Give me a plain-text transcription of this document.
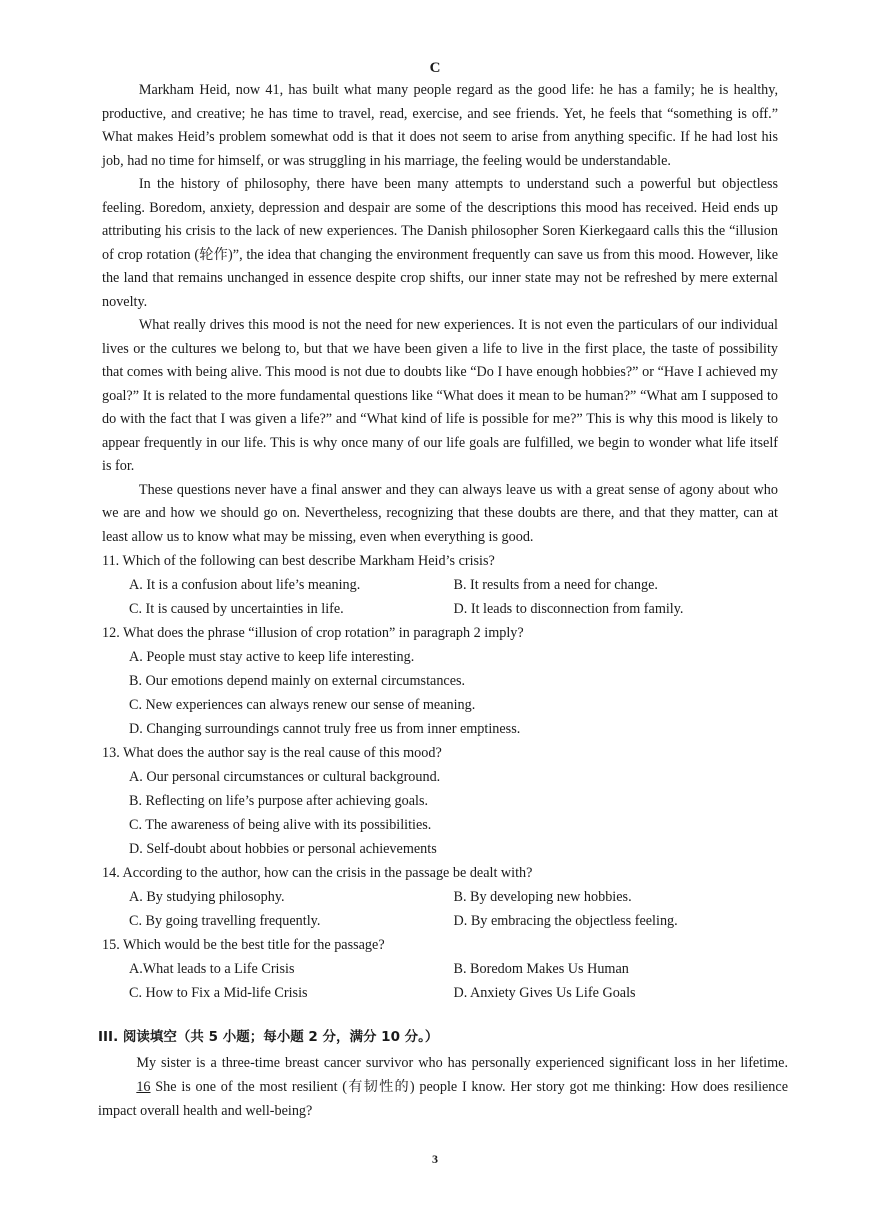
C

Markham Heid, now 41, has built what many people regard as the good life: he has a family; he is healthy, productive, and creative; he has time to travel, read, exercise, and see friends. Yet, he feels that “something is off.” What makes Heid’s problem somewhat odd is that it does not seem to arise from anything specific. If he had lost his job, had no time for himself, or was struggling in his marriage, the feeling would be understandable.

In the history of philosophy, there have been many attempts to understand such a powerful but objectless feeling. Boredom, anxiety, depression and despair are some of the descriptions this mood has received. Heid ends up attributing his crisis to the lack of new experiences. The Danish philosopher Soren Kierkegaard calls this the “illusion of crop rotation (轮作)”, the idea that changing the environment frequently can save us from this mood. However, like the land that remains unchanged in essence despite crop shifts, our inner state may not be refreshed by mere external novelty.

What really drives this mood is not the need for new experiences. It is not even the particulars of our individual lives or the cultures we belong to, but that we have been given a life to live in the first place, the taste of possibility that comes with being alive. This mood is not due to doubts like “Do I have enough hobbies?” or “Have I achieved my goal?” It is related to the more fundamental questions like “What does it mean to be human?” “What am I supposed to do with the fact that I was given a life?” and “What kind of life is possible for me?” This is why this mood is likely to appear frequently in our life. This is why once many of our life goals are fulfilled, we begin to wonder what life itself is for.

These questions never have a final answer and they can always leave us with a great sense of agony about who we are and how we should go on. Nevertheless, recognizing that these doubts are there, and that they matter, can at least allow us to know what may be missing, even when everything is good.

11. Which of the following can best describe Markham Heid’s crisis?
A. It is a confusion about life’s meaning.	B. It results from a need for change.
C. It is caused by uncertainties in life.	D. It leads to disconnection from family.
12. What does the phrase “illusion of crop rotation” in paragraph 2 imply?
A. People must stay active to keep life interesting.
B. Our emotions depend mainly on external circumstances.
C. New experiences can always renew our sense of meaning.
D. Changing surroundings cannot truly free us from inner emptiness.
13. What does the author say is the real cause of this mood?
A. Our personal circumstances or cultural background.
B. Reflecting on life’s purpose after achieving goals.
C. The awareness of being alive with its possibilities.
D. Self-doubt about hobbies or personal achievements
14. According to the author, how can the crisis in the passage be dealt with?
A. By studying philosophy.	B. By developing new hobbies.
C. By going travelling frequently.	D. By embracing the objectless feeling.
15. Which would be the best title for the passage?
A.What leads to a Life Crisis	B. Boredom Makes Us Human
C. How to Fix a Mid-life Crisis	D. Anxiety Gives Us Life Goals
III. 阅读填空（共 5 小题；每小题 2 分，满分 10 分。）

My sister is a three-time breast cancer survivor who has personally experienced significant loss in her lifetime. 16 She is one of the most resilient (有韧性的) people I know. Her story got me thinking: How does resilience impact overall health and well-being?

3
